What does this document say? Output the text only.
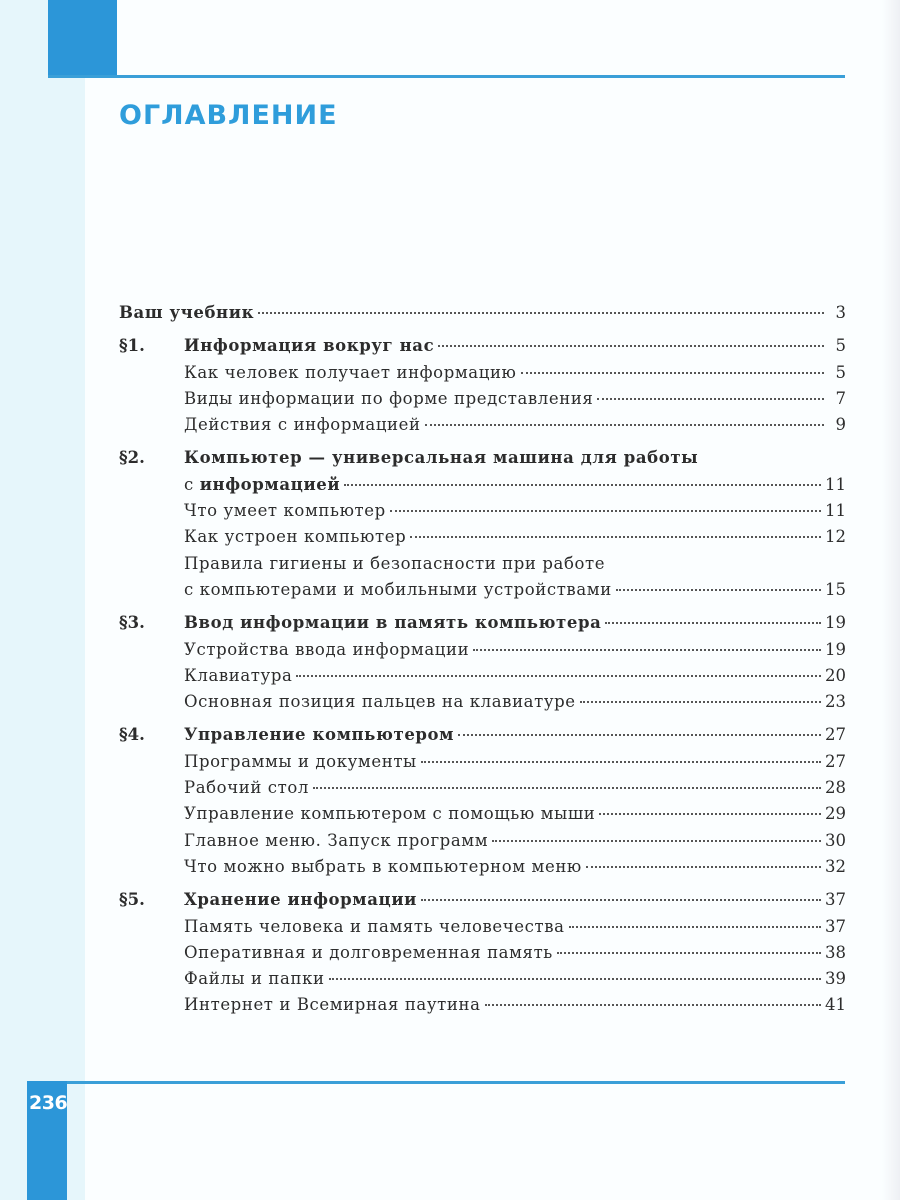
ОГЛАВЛЕНИЕ
Ваш учебник	3
§1.	Информация вокруг нас	5
Как человек получает информацию	5
Виды информации по форме представления	7
Действия с информацией	9
§2.	Компьютер — универсальная машина для работы
с информацией	11
Что умеет компьютер	11
Как устроен компьютер	12
Правила гигиены и безопасности при работе
с компьютерами и мобильными устройствами	15
§3.	Ввод информации в память компьютера	19
Устройства ввода информации	19
Клавиатура	20
Основная позиция пальцев на клавиатуре	23
§4.	Управление компьютером	27
Программы и документы	27
Рабочий стол	28
Управление компьютером с помощью мыши	29
Главное меню. Запуск программ	30
Что можно выбрать в компьютерном меню	32
§5.	Хранение информации	37
Память человека и память человечества	37
Оперативная и долговременная память	38
Файлы и папки	39
Интернет и Всемирная паутина	41
236
